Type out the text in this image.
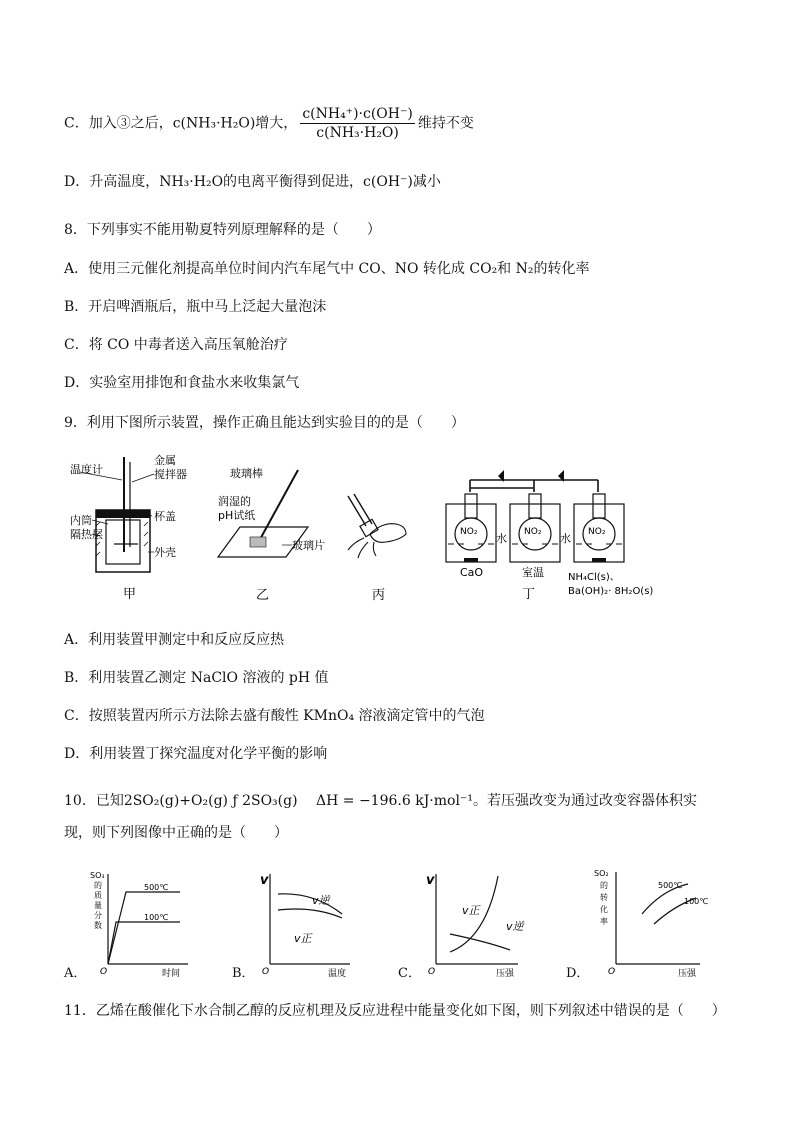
C．加入③之后，c(NH₃·H₂O)增大， $\frac{\text{c(NH₄⁺)·c(OH⁻)}}{\text{c(NH₃·H₂O)}}$ 维持不变
D．升高温度，NH₃·H₂O的电离平衡得到促进，c(OH⁻)减小
8．下列事实不能用勒夏特列原理解释的是（　　）
A．使用三元催化剂提高单位时间内汽车尾气中 CO、NO 转化成 CO₂和 N₂的转化率
B．开启啤酒瓶后，瓶中马上泛起大量泡沫
C．将 CO 中毒者送入高压氧舱治疗
D．实验室用排饱和食盐水来收集氯气
9．利用下图所示装置，操作正确且能达到实验目的的是（　　）
温度计
金属
搅拌器
内筒	杯盖
隔热层
外壳
甲
玻璃棒
润湿的
pH试纸
玻璃片
乙	丙
NO₂	NO₂	NO₂
水	水
CaO	室温 NH₄Cl(s)、
Ba(OH)₂· 8H₂O(s)
丁
A．利用装置甲测定中和反应反应热
B．利用装置乙测定 NaClO 溶液的 pH 值
C．按照装置丙所示方法除去盛有酸性 KMnO₄ 溶液滴定管中的气泡
D．利用装置丁探究温度对化学平衡的影响
10．已知2SO₂(g)+O₂(g) ƒ 2SO₃(g)　 ΔH = −196.6 kJ·mol⁻¹。若压强改变为通过改变容器体积实
现，则下列图像中正确的是（　　）
A．
SO₃
的
质
量
分
数
500℃
100℃
O	时间	B．
v
v逆
v正
O	温度	C．
v
v正
v逆
O	压强	D．
SO₂
的
转
化
率
500℃
100℃
O	压强
11．乙烯在酸催化下水合制乙醇的反应机理及反应进程中能量变化如下图，则下列叙述中错误的是（　　）
